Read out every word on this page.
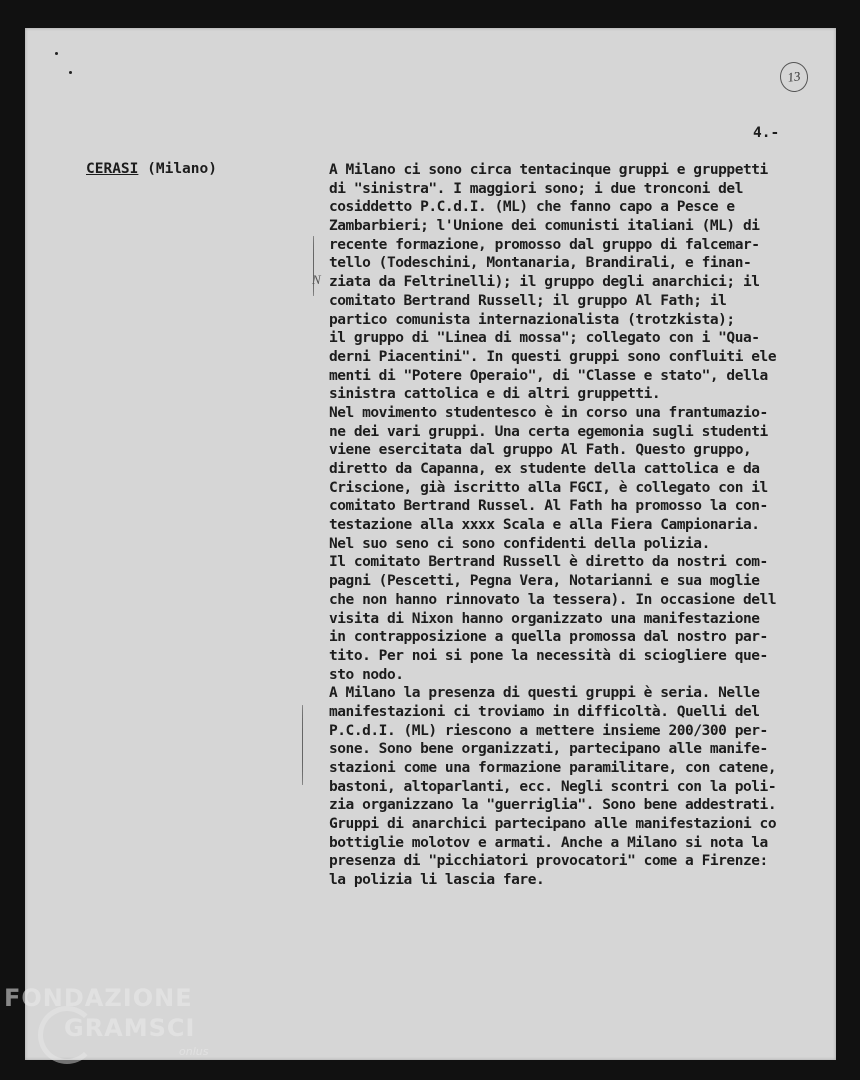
13
4.-
CERASI (Milano)
N
A Milano ci sono circa tentacinque gruppi e gruppetti
di "sinistra". I maggiori sono; i due tronconi del
cosiddetto P.C.d.I. (ML) che fanno capo a Pesce e
Zambarbieri; l'Unione dei comunisti italiani (ML) di
recente formazione, promosso dal gruppo di falcemar-
tello (Todeschini, Montanaria, Brandirali, e finan-
ziata da Feltrinelli); il gruppo degli anarchici; il
comitato Bertrand Russell; il gruppo Al Fath; il
partico comunista internazionalista (trotzkista);
il gruppo di "Linea di mossa"; collegato con i "Qua-
derni Piacentini". In questi gruppi sono confluiti ele
menti di "Potere Operaio", di "Classe e stato", della
sinistra cattolica e di altri gruppetti.
Nel movimento studentesco è in corso una frantumazio-
ne dei vari gruppi. Una certa egemonia sugli studenti
viene esercitata dal gruppo Al Fath. Questo gruppo,
diretto da Capanna, ex studente della cattolica e da
Criscione, già iscritto alla FGCI, è collegato con il
comitato Bertrand Russel. Al Fath ha promosso la con-
testazione alla xxxx Scala e alla Fiera Campionaria.
Nel suo seno ci sono confidenti della polizia.
Il comitato Bertrand Russell è diretto da nostri com-
pagni (Pescetti, Pegna Vera, Notarianni e sua moglie
che non hanno rinnovato la tessera). In occasione dell
visita di Nixon hanno organizzato una manifestazione
in contrapposizione a quella promossa dal nostro par-
tito. Per noi si pone la necessità di sciogliere que-
sto nodo.
A Milano la presenza di questi gruppi è seria. Nelle
manifestazioni ci troviamo in difficoltà. Quelli del
P.C.d.I. (ML) riescono a mettere insieme 200/300 per-
sone. Sono bene organizzati, partecipano alle manife-
stazioni come una formazione paramilitare, con catene,
bastoni, altoparlanti, ecc. Negli scontri con la poli-
zia organizzano la "guerriglia". Sono bene addestrati.
Gruppi di anarchici partecipano alle manifestazioni co
bottiglie molotov e armati. Anche a Milano si nota la
presenza di "picchiatori provocatori" come a Firenze:
la polizia li lascia fare.
FONDAZIONE
GRAMSCI
onlus
